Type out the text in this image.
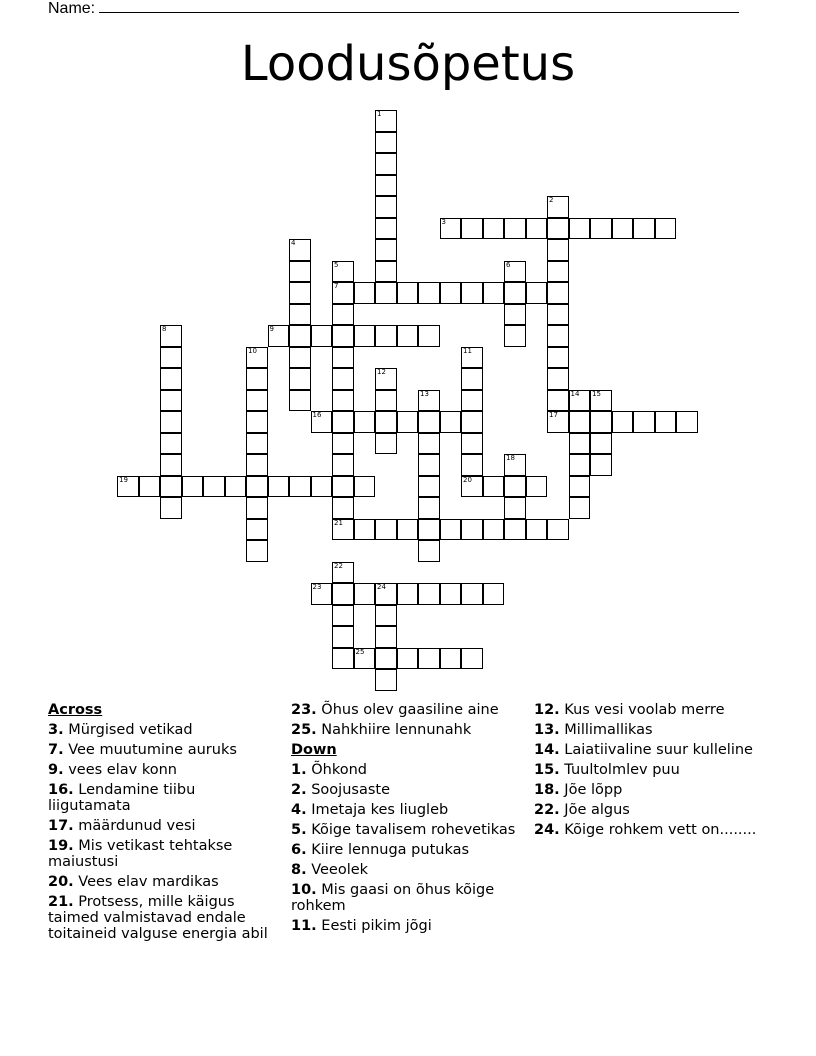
Name:
Loodusõpetus
1
2
3
4
5
7
21
6
8	9
10	11
12
13	14 15
16	17
18
19	20
22
23	24
25
Across
3. Mürgised vetikad
7. Vee muutumine auruks
9. vees elav konn
16. Lendamine tiibu liigutamata
17. määrdunud vesi
19. Mis vetikast tehtakse maiustusi
20. Vees elav mardikas
21. Protsess, mille käigus taimed valmistavad endale toitaineid valguse energia abil
23. Õhus olev gaasiline aine
25. Nahkhiire lennunahk
Down
1. Õhkond
2. Soojusaste
4. Imetaja kes liugleb
5. Kõige tavalisem rohevetikas
6. Kiire lennuga putukas
8. Veeolek
10. Mis gaasi on õhus kõige rohkem
11. Eesti pikim jõgi
12. Kus vesi voolab merre
13. Millimallikas
14. Laiatiivaline suur kulleline
15. Tuultolmlev puu
18. Jõe lõpp
22. Jõe algus
24. Kõige rohkem vett on........
